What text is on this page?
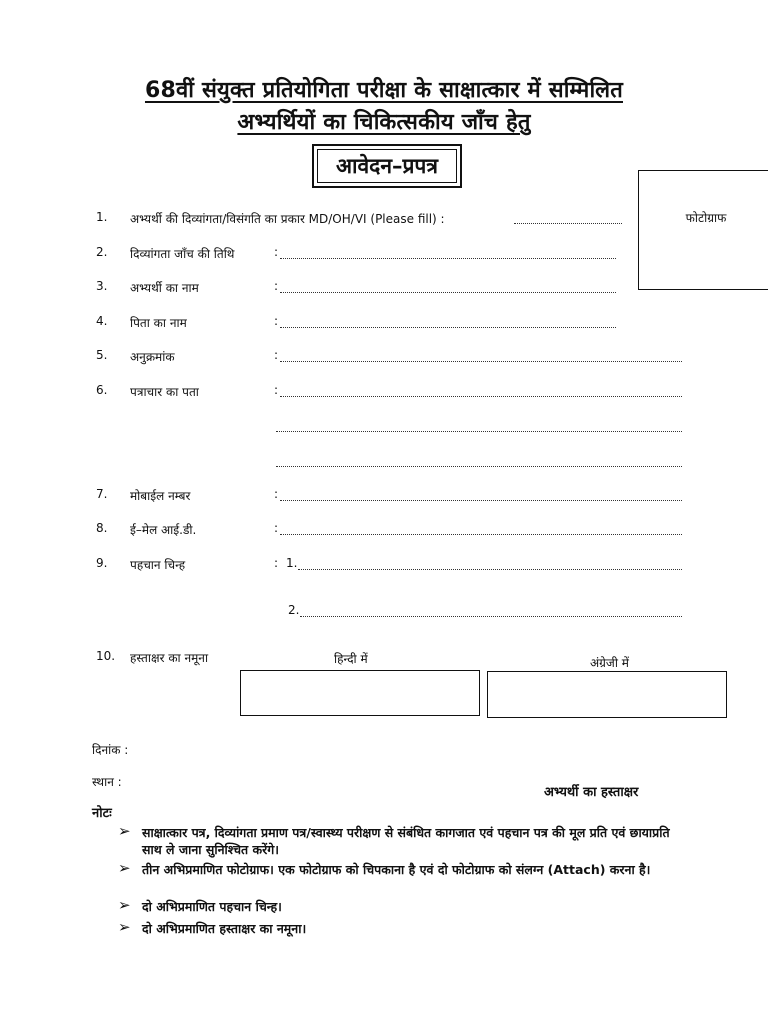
68वीं संयुक्त प्रतियोगिता परीक्षा के साक्षात्कार में सम्मिलित
अभ्यर्थियों का चिकित्सकीय जाँच हेतु
आवेदन–प्रपत्र
फोटोग्राफ
1. अभ्यर्थी की दिव्यांगता/विसंगति का प्रकार MD/OH/VI (Please fill) :
2. दिव्यांगता जाँच की तिथि	:
3. अभ्यर्थी का नाम	:
4. पिता का नाम	:
5. अनुक्रमांक	:
6. पत्राचार का पता	:
7. मोबाईल नम्बर	:
8. ई–मेल आई.डी.	:
9. पहचान चिन्ह	: 1.
2.
10. हस्ताक्षर का नमूना	हिन्दी में	अंग्रेजी में
दिनांक :
स्थान :
अभ्यर्थी का हस्ताक्षर
नोटः
➢ साक्षात्कार पत्र, दिव्यांगता प्रमाण पत्र/स्वास्थ्य परीक्षण से संबंधित कागजात एवं पहचान पत्र की मूल प्रति एवं छायाप्रति साथ ले जाना सुनिश्चित करेंगे।
➢ तीन अभिप्रमाणित फोटोग्राफ। एक फोटोग्राफ को चिपकाना है एवं दो फोटोग्राफ को संलग्न (Attach) करना है।
➢ दो अभिप्रमाणित पहचान चिन्ह।
➢ दो अभिप्रमाणित हस्ताक्षर का नमूना।
